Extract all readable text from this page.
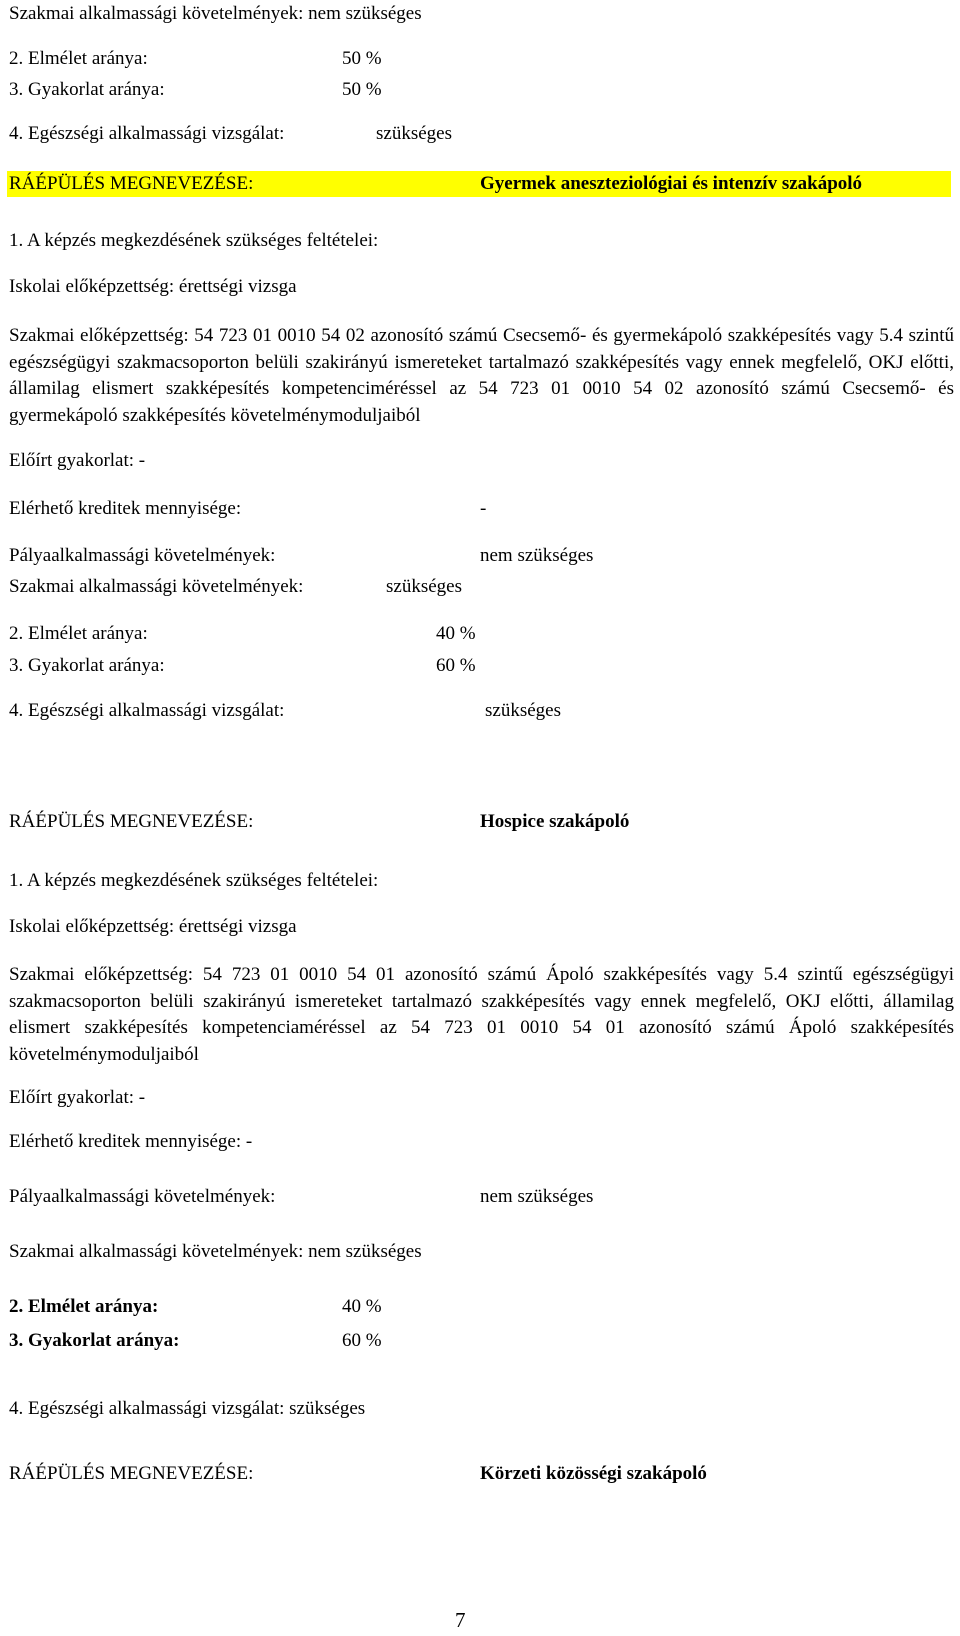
Szakmai alkalmassági követelmények: nem szükséges
2. Elmélet aránya:	50 %
3. Gyakorlat aránya:	50 %
4. Egészségi alkalmassági vizsgálat:	szükséges
RÁÉPÜLÉS MEGNEVEZÉSE:	Gyermek aneszteziológiai és intenzív szakápoló
1. A képzés megkezdésének szükséges feltételei:
Iskolai előképzettség: érettségi vizsga
Szakmai előképzettség: 54 723 01 0010 54 02 azonosító számú Csecsemő- és gyermekápoló szakképesítés vagy 5.4 szintű egészségügyi szakmacsoporton belüli szakirányú ismereteket tartalmazó szakképesítés vagy ennek megfelelő, OKJ előtti, államilag elismert szakképesítés kompetenciméréssel az 54 723 01 0010 54 02 azonosító számú Csecsemő- és gyermekápoló szakképesítés követelménymoduljaiból
Előírt gyakorlat: -
Elérhető kreditek mennyisége:	-
Pályaalkalmassági követelmények:	nem szükséges
Szakmai alkalmassági követelmények:	szükséges
2. Elmélet aránya:	40 %
3. Gyakorlat aránya:	60 %
4. Egészségi alkalmassági vizsgálat:	szükséges
RÁÉPÜLÉS MEGNEVEZÉSE:	Hospice szakápoló
1. A képzés megkezdésének szükséges feltételei:
Iskolai előképzettség: érettségi vizsga
Szakmai előképzettség: 54 723 01 0010 54 01 azonosító számú Ápoló szakképesítés vagy 5.4 szintű egészségügyi szakmacsoporton belüli szakirányú ismereteket tartalmazó szakképesítés vagy ennek megfelelő, OKJ előtti, államilag elismert szakképesítés kompetenciaméréssel az 54 723 01 0010 54 01 azonosító számú Ápoló szakképesítés követelménymoduljaiból
Előírt gyakorlat: -
Elérhető kreditek mennyisége: -
Pályaalkalmassági követelmények:	nem szükséges
Szakmai alkalmassági követelmények: nem szükséges
2. Elmélet aránya:	40 %
3. Gyakorlat aránya:	60 %
4. Egészségi alkalmassági vizsgálat: szükséges
RÁÉPÜLÉS MEGNEVEZÉSE:	Körzeti közösségi szakápoló
7
